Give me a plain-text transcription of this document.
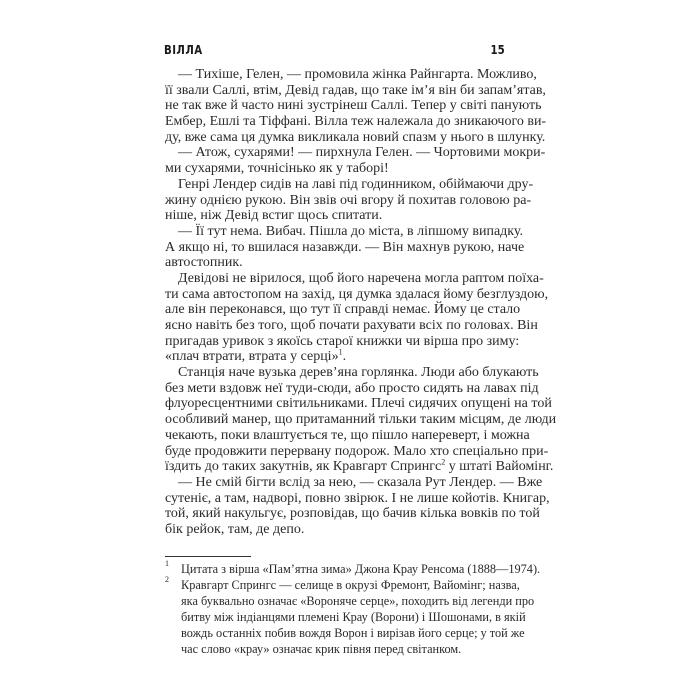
ВІЛЛА	15
— Тихіше, Гелен, — промовила жінка Райнгарта. Можливо,
її звали Саллі, втім, Девід гадав, що таке ім’я він би запам’ятав,
не так вже й часто нині зустрінеш Саллі. Тепер у світі панують
Ембер, Ешлі та Тіффані. Вілла теж належала до зникаючого ви-
ду, вже сама ця думка викликала новий спазм у нього в шлунку.
— Атож, сухарями! — пирхнула Гелен. — Чортовими мокри-
ми сухарями, точнісінько як у таборі!
Генрі Лендер сидів на лаві під годинником, обіймаючи дру-
жину однією рукою. Він звів очі вгору й похитав головою ра-
ніше, ніж Девід встиг щось спитати.
— Її тут нема. Вибач. Пішла до міста, в ліпшому випадку.
А якщо ні, то вшилася назавжди. — Він махнув рукою, наче
автостопник.
Девідові не вірилося, щоб його наречена могла раптом поїха-
ти сама автостопом на захід, ця думка здалася йому безглуздою,
але він переконався, що тут її справді немає. Йому це стало
ясно навіть без того, щоб почати рахувати всіх по головах. Він
пригадав уривок з якоїсь старої книжки чи вірша про зиму:
«плач втрати, втрата у серці»$^1$.
Станція наче вузька дерев’яна горлянка. Люди або блукають
без мети вздовж неї туди-сюди, або просто сидять на лавах під
флуоресцентними світильниками. Плечі сидячих опущені на той
особливий манер, що притаманний тільки таким місцям, де люди
чекають, поки влаштується те, що пішло напереверт, і можна
буде продовжити перервану подорож. Мало хто спеціально при-
їздить до таких закутнів, як Кравгарт Спрингс$^2$ у штаті Вайомінг.
— Не смій бігти вслід за нею, — сказала Рут Лендер. — Вже
сутеніє, а там, надворі, повно звірюк. І не лише койотів. Книгар,
той, який накульгує, розповідав, що бачив кілька вовків по той
бік рейок, там, де депо.
1 Цитата з вірша «Пам’ятна зима» Джона Крау Ренсома (1888—1974).
2 Кравгарт Спрингс — селище в окрузі Фремонт, Вайомінг; назва,
яка буквально означає «Вороняче серце», походить від легенди про
битву між індіанцями племені Крау (Ворони) і Шошонами, в якій
вождь останніх побив вождя Ворон і вирізав його серце; у той же
час слово «крау» означає крик півня перед світанком.
